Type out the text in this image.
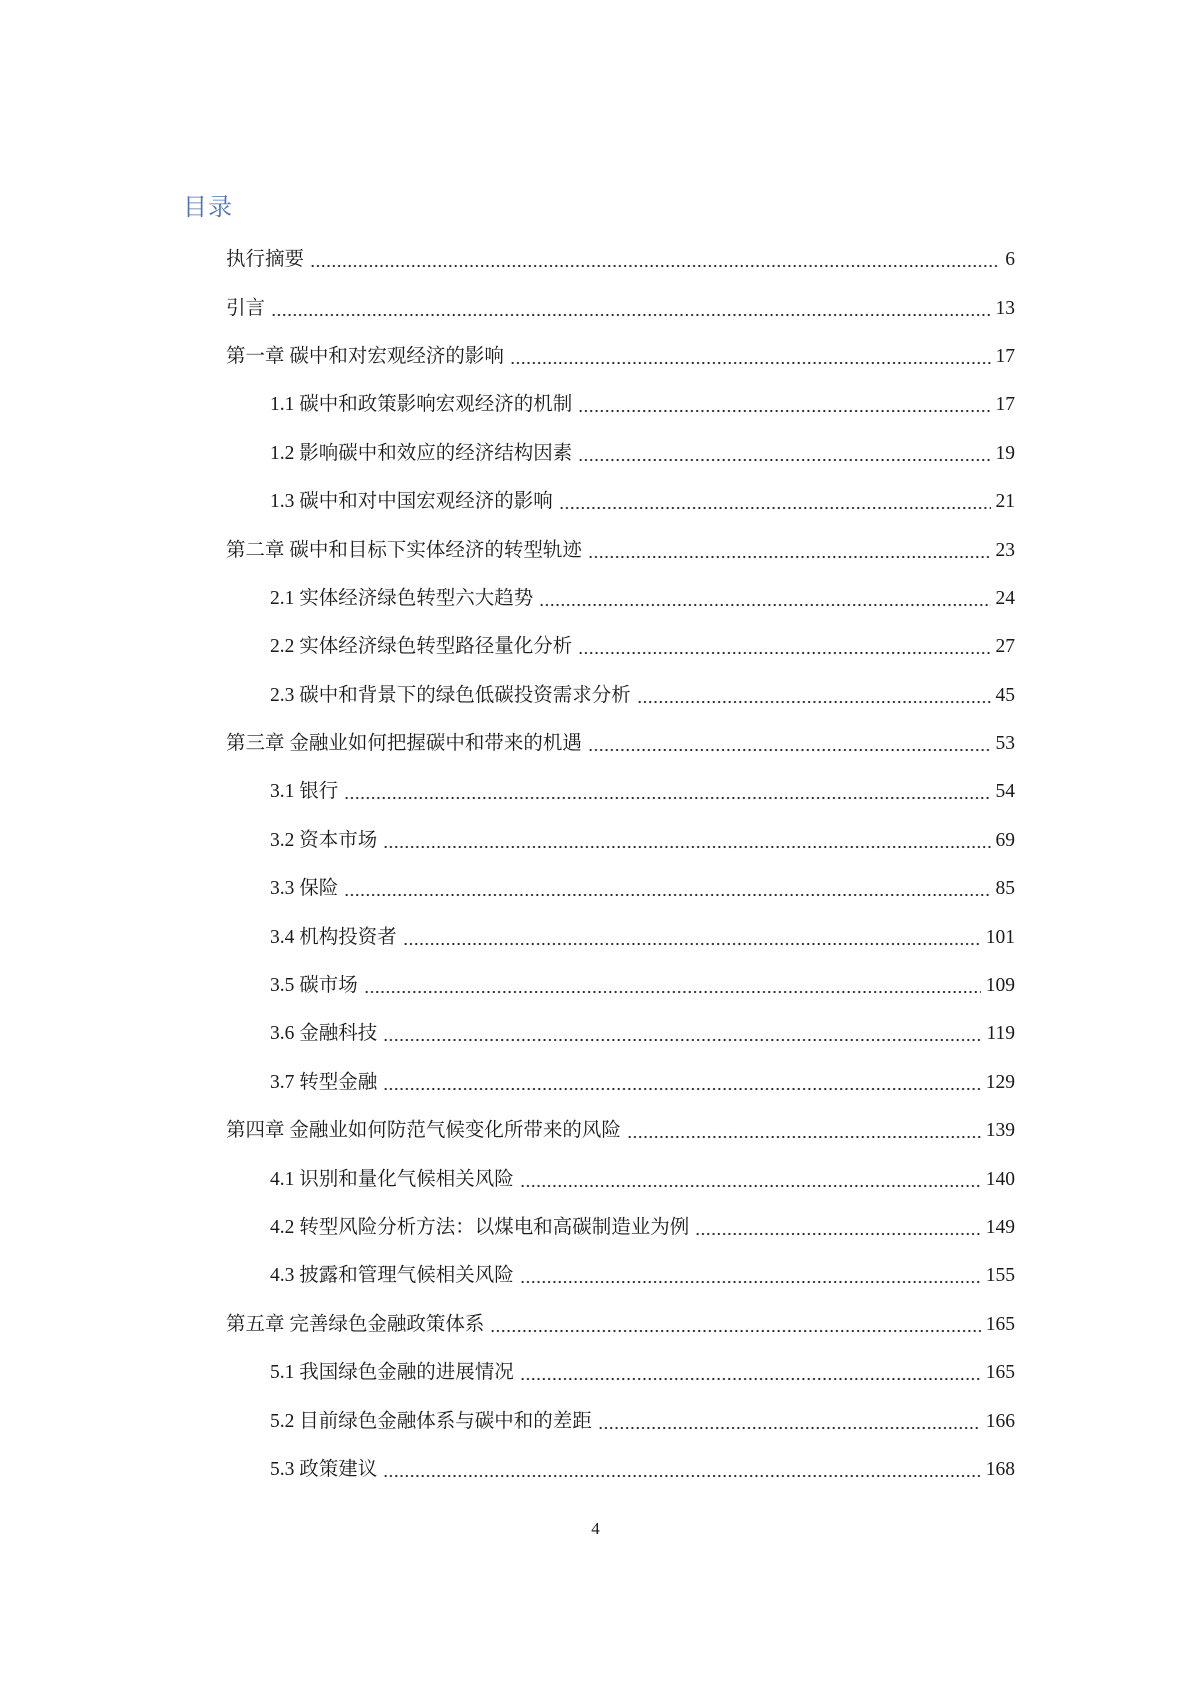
目录
执行摘要	6
引言	13
第一章 碳中和对宏观经济的影响	17
1.1 碳中和政策影响宏观经济的机制	17
1.2 影响碳中和效应的经济结构因素	19
1.3 碳中和对中国宏观经济的影响	21
第二章 碳中和目标下实体经济的转型轨迹	23
2.1 实体经济绿色转型六大趋势	24
2.2 实体经济绿色转型路径量化分析	27
2.3 碳中和背景下的绿色低碳投资需求分析	45
第三章 金融业如何把握碳中和带来的机遇	53
3.1 银行	54
3.2 资本市场	69
3.3 保险	85
3.4 机构投资者	101
3.5 碳市场	109
3.6 金融科技	119
3.7 转型金融	129
第四章 金融业如何防范气候变化所带来的风险	139
4.1 识别和量化气候相关风险	140
4.2 转型风险分析方法：以煤电和高碳制造业为例	149
4.3 披露和管理气候相关风险	155
第五章 完善绿色金融政策体系	165
5.1 我国绿色金融的进展情况	165
5.2 目前绿色金融体系与碳中和的差距	166
5.3 政策建议	168
4
